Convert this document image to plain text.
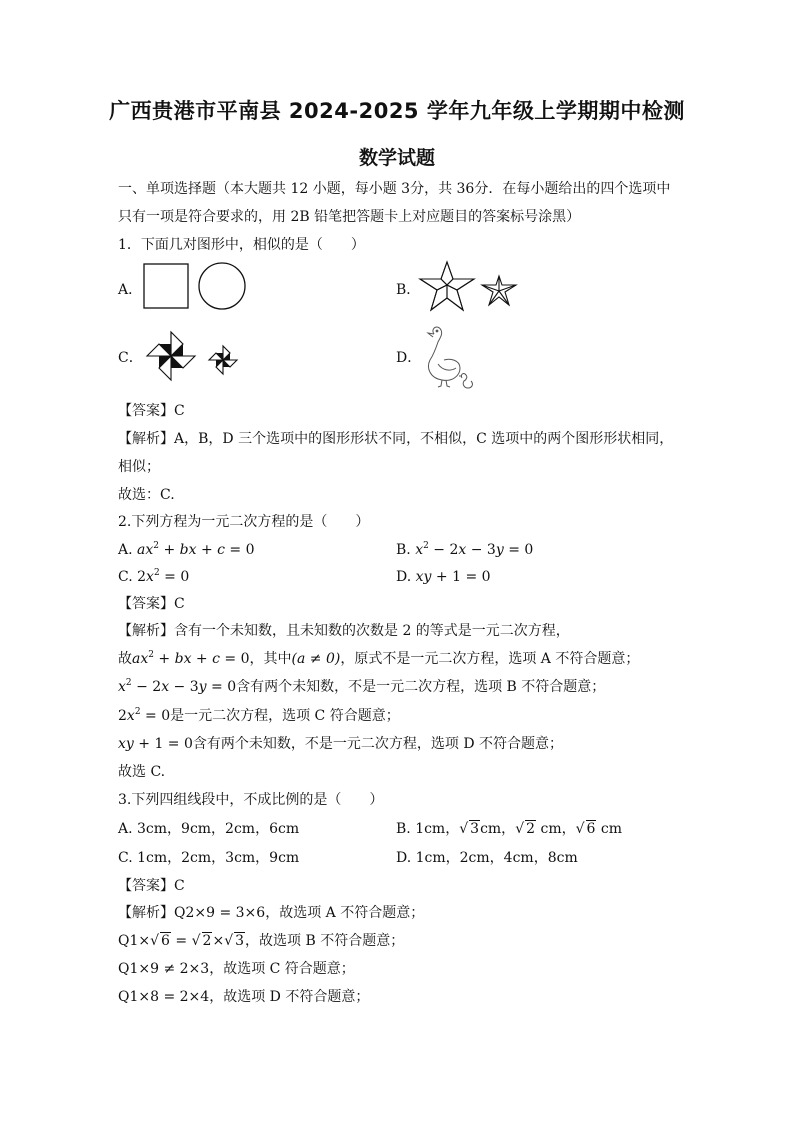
广西贵港市平南县 2024-2025 学年九年级上学期期中检测
数学试题
一、单项选择题（本大题共 12 小题，每小题 3分，共 36分．在每小题给出的四个选项中
只有一项是符合要求的，用 2B 铅笔把答题卡上对应题目的答案标号涂黑）
1．下面几对图形中，相似的是（　　）
A．	B．
C．	D．
【答案】C
【解析】A，B，D 三个选项中的图形形状不同，不相似，C 选项中的两个图形形状相同，
相似；
故选：C.
2.下列方程为一元二次方程的是（　　）
A. $ax^2$ + bx + c = 0	B. $x^2 - 2x - 3y = 0$
C. $2x^2 = 0$	D. xy + 1 = 0
【答案】C
【解析】含有一个未知数，且未知数的次数是 2 的等式是一元二次方程，
故$ax^2$ + bx + c = 0，其中(a ≠ 0)，原式不是一元二次方程，选项 A 不符合题意；
$x^2 - 2x - 3y = 0$含有两个未知数，不是一元二次方程，选项 B 不符合题意；
$2x^2 = 0$是一元二次方程，选项 C 符合题意；
xy + 1 = 0含有两个未知数，不是一元二次方程，选项 D 不符合题意；
故选 C.
3.下列四组线段中，不成比例的是（　　）
A. 3cm，9cm，2cm，6cm	B. 1cm，√ 3cm，√ 2 cm，√ 6 cm
C. 1cm，2cm，3cm，9cm	D. 1cm，2cm，4cm，8cm
【答案】C
【解析】Q2×9 = 3×6，故选项 A 不符合题意；
Q1×√ 6 = √ 2×√ 3，故选项 B 不符合题意；
Q1×9 ≠ 2×3，故选项 C 符合题意；
Q1×8 = 2×4，故选项 D 不符合题意；
